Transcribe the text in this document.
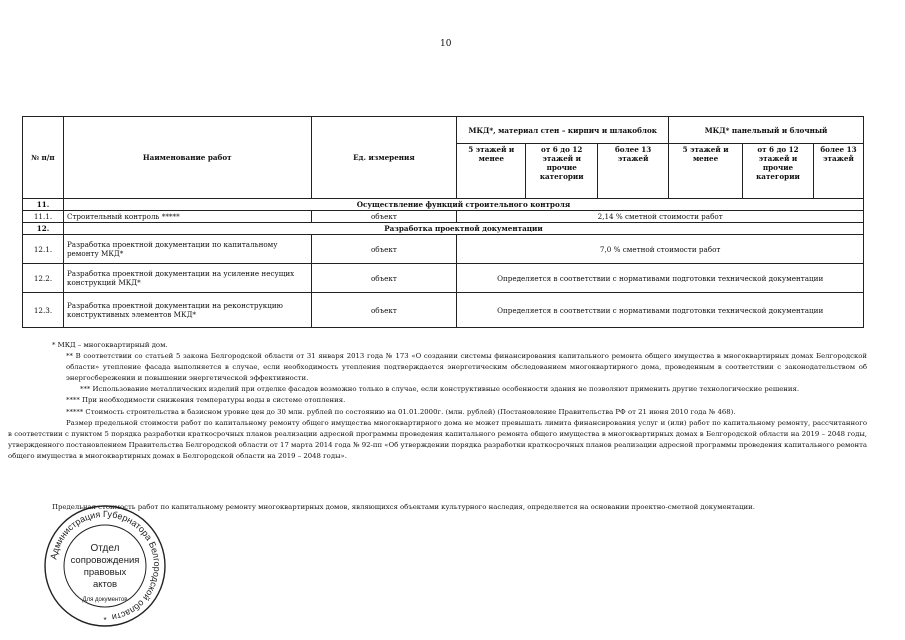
10
№ п/п	Наименование работ	Ед. измерения	МКД*, материал стен – кирпич и шлакоблок			МКД* панельный и блочный		
			5 этажей и менее	от 6 до 12 этажей и прочие категории	более 13 этажей	5 этажей и менее	от 6 до 12 этажей и прочие категории	более 13 этажей
11.	Осуществление функций строительного контроля							
11.1.	Строительный контроль *****	объект	2,14 % сметной стоимости работ					
12.	Разработка проектной документации							
12.1.	Разработка проектной документации по капитальному ремонту МКД*	объект	7,0 % сметной стоимости работ					
12.2.	Разработка проектной документации на усиление несущих конструкций МКД*	объект	Определяется в соответствии с нормативами подготовки технической документации					
12.3.	Разработка проектной документации на реконструкцию конструктивных элементов МКД*	объект	Определяется в соответствии с нормативами подготовки технической документации					

* МКД – многоквартирный дом.

** В соответствии со статьей 5 закона Белгородской области от 31 января 2013 года № 173 «О создании системы финансирования капитального ремонта общего имущества в многоквартирных домах Белгородской области» утепление фасада выполняется в случае, если необходимость утепления подтверждается энергетическим обследованием многоквартирного дома, проведенным в соответствии с законодательством об энергосбережении и повышении энергетической эффективности.

*** Использование металлических изделий при отделке фасадов возможно только в случае, если конструктивные особенности здания не позволяют применить другие технологические решения.

**** При необходимости снижения температуры воды в системе отопления.

***** Стоимость строительства в базисном уровне цен до 30 млн. рублей по состоянию на 01.01.2000г. (млн. рублей) (Постановление Правительства РФ от 21 июня 2010 года № 468).

Размер предельной стоимости работ по капитальному ремонту общего имущества многоквартирного дома не может превышать лимита финансирования услуг и (или) работ по капитальному ремонту, рассчитанного в соответствии с пунктом 5 порядка разработки краткосрочных планов реализации адресной программы проведения капитального ремонта общего имущества в многоквартирных домах в Белгородской области на 2019 – 2048 годы, утвержденного постановлением Правительства Белгородской области от 17 марта 2014 года № 92-пп «Об утверждении порядка разработки краткосрочных планов реализации адресной программы проведения капитального ремонта общего имущества в многоквартирных домах в Белгородской области на 2019 – 2048 годы».

Предельная стоимость работ по капитальному ремонту многоквартирных домов, являющихся объектами культурного наследия, определяется на основании проектно-сметной документации.
Администрация Губернатора Белгородской области
Отдел
сопровождения
правовых
актов
Для документов
*
